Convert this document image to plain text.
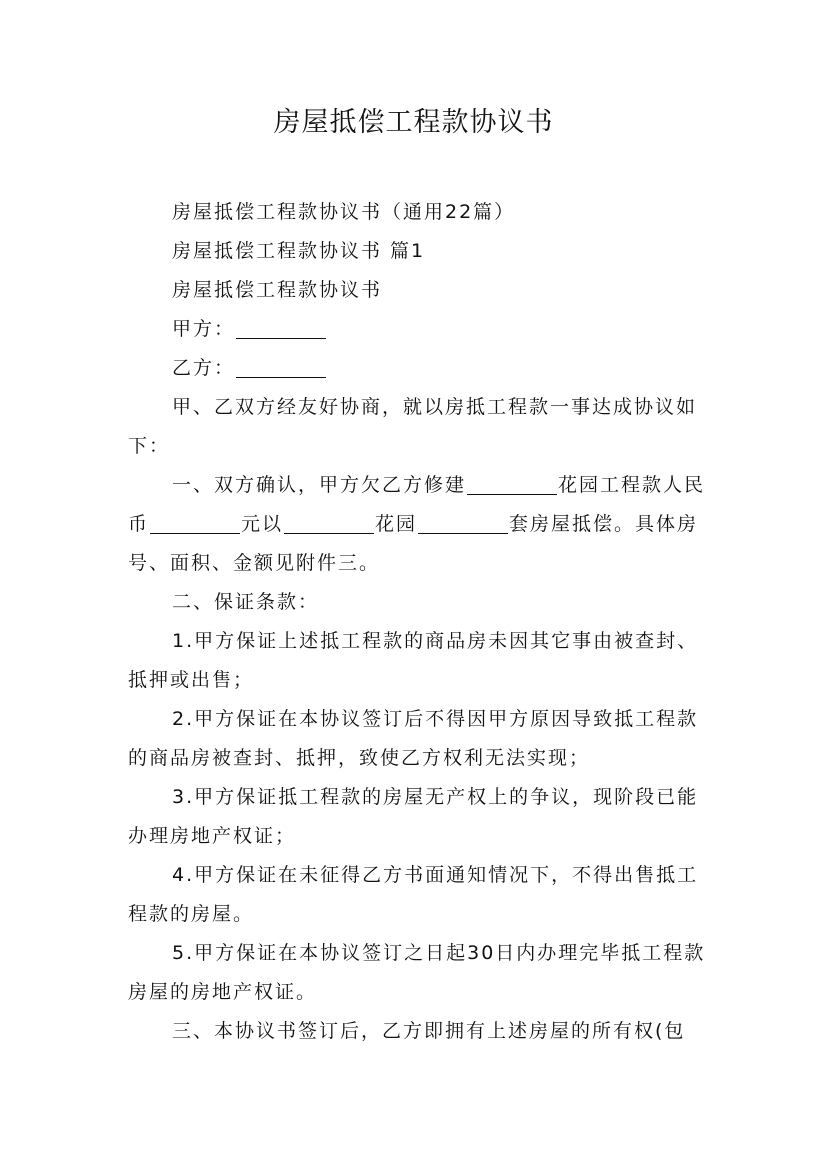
房屋抵偿工程款协议书

房屋抵偿工程款协议书（通用22篇）

房屋抵偿工程款协议书 篇1

房屋抵偿工程款协议书

甲方：

乙方：

甲、乙双方经友好协商，就以房抵工程款一事达成协议如下：

一、双方确认，甲方欠乙方修建	花园工程款人民币	元以	花园	套房屋抵偿。具体房号、面积、金额见附件三。

二、保证条款：

1.甲方保证上述抵工程款的商品房未因其它事由被查封、抵押或出售；

2.甲方保证在本协议签订后不得因甲方原因导致抵工程款的商品房被查封、抵押，致使乙方权利无法实现；

3.甲方保证抵工程款的房屋无产权上的争议，现阶段已能办理房地产权证；

4.甲方保证在未征得乙方书面通知情况下，不得出售抵工程款的房屋。

5.甲方保证在本协议签订之日起30日内办理完毕抵工程款房屋的房地产权证。

三、本协议书签订后，乙方即拥有上述房屋的所有权(包
